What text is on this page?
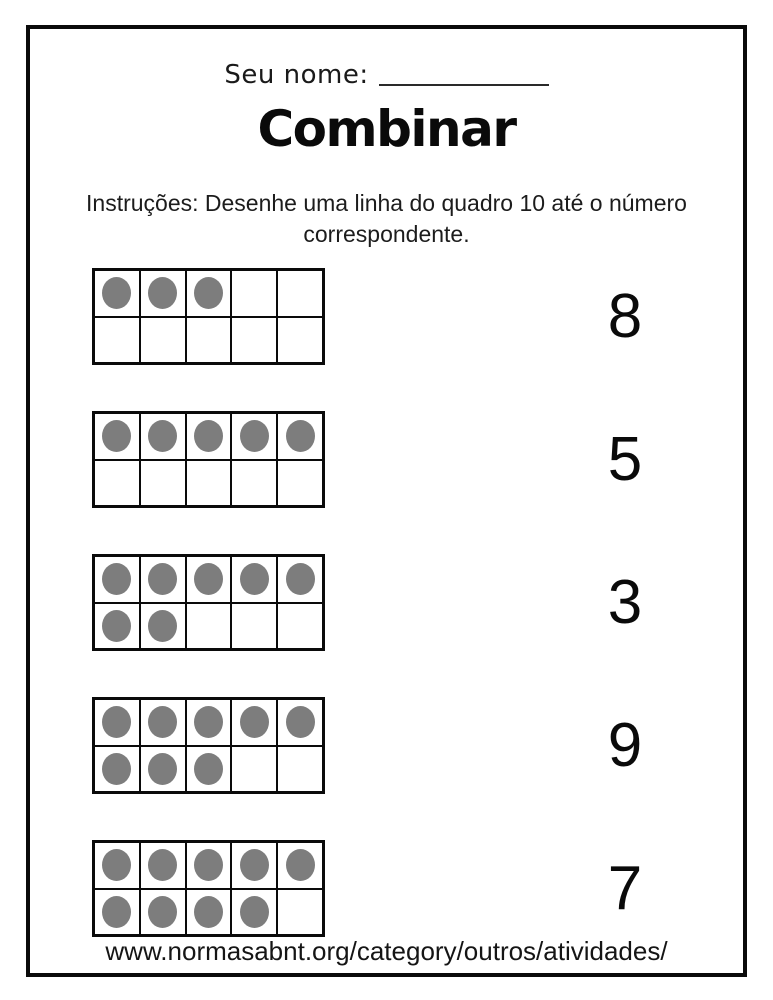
Seu nome:
Combinar
Instruções: Desenhe uma linha do quadro 10 até o número
correspondente.
8
5
3
9
7
www.normasabnt.org/category/outros/atividades/
